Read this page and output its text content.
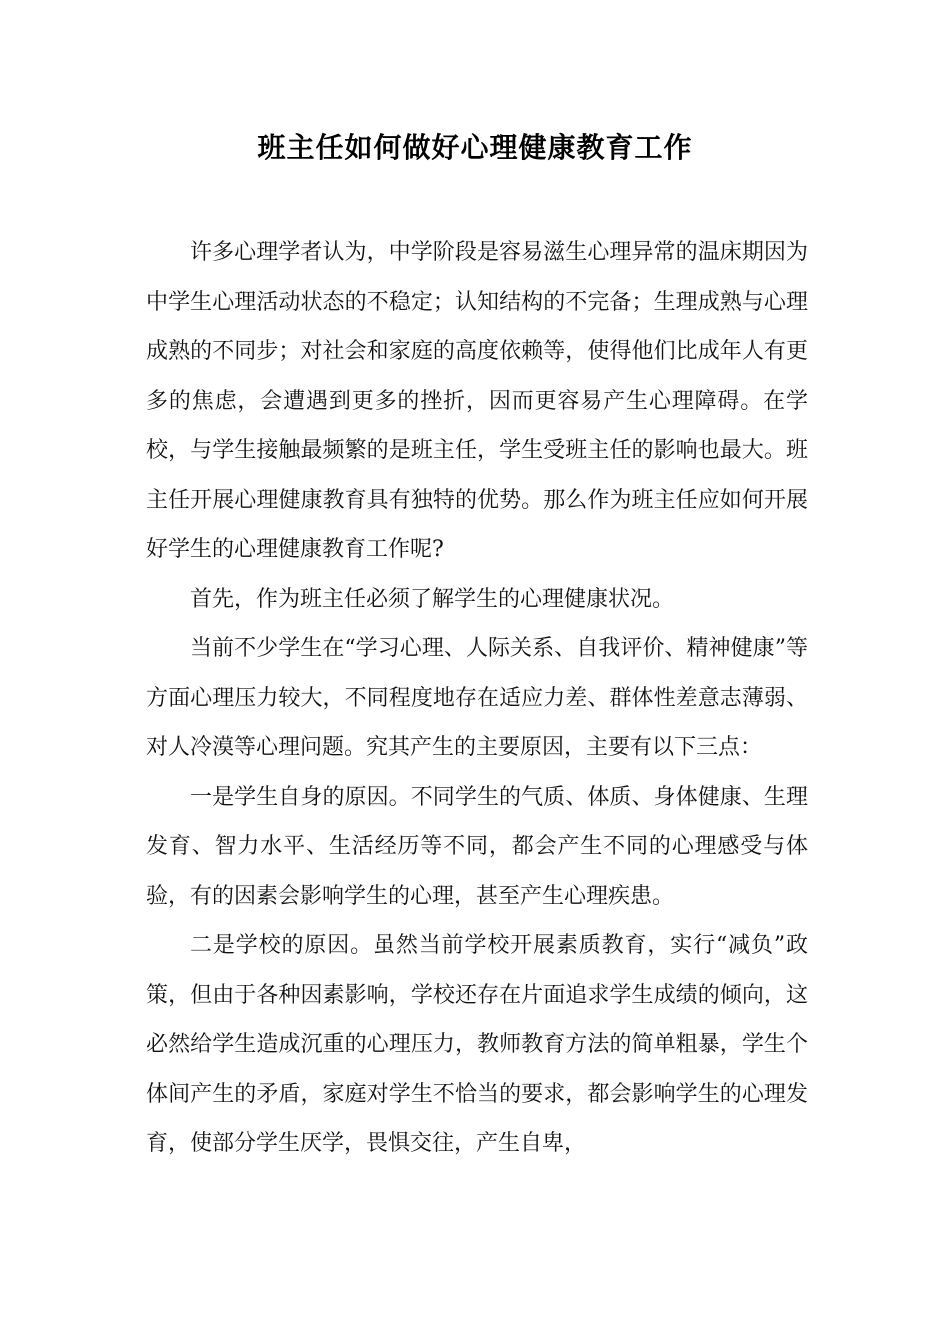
班主任如何做好心理健康教育工作

许多心理学者认为，中学阶段是容易滋生心理异常的温床期因为中学生心理活动状态的不稳定；认知结构的不完备；生理成熟与心理成熟的不同步；对社会和家庭的高度依赖等，使得他们比成年人有更多的焦虑，会遭遇到更多的挫折，因而更容易产生心理障碍。在学校，与学生接触最频繁的是班主任，学生受班主任的影响也最大。班主任开展心理健康教育具有独特的优势。那么作为班主任应如何开展好学生的心理健康教育工作呢?

首先，作为班主任必须了解学生的心理健康状况。

当前不少学生在“学习心理、人际关系、自我评价、精神健康”等方面心理压力较大，不同程度地存在适应力差、群体性差意志薄弱、对人冷漠等心理问题。究其产生的主要原因，主要有以下三点：

一是学生自身的原因。不同学生的气质、体质、身体健康、生理发育、智力水平、生活经历等不同，都会产生不同的心理感受与体验，有的因素会影响学生的心理，甚至产生心理疾患。

二是学校的原因。虽然当前学校开展素质教育，实行“减负”政策，但由于各种因素影响，学校还存在片面追求学生成绩的倾向，这必然给学生造成沉重的心理压力，教师教育方法的简单粗暴，学生个体间产生的矛盾，家庭对学生不恰当的要求，都会影响学生的心理发育，使部分学生厌学，畏惧交往，产生自卑，
